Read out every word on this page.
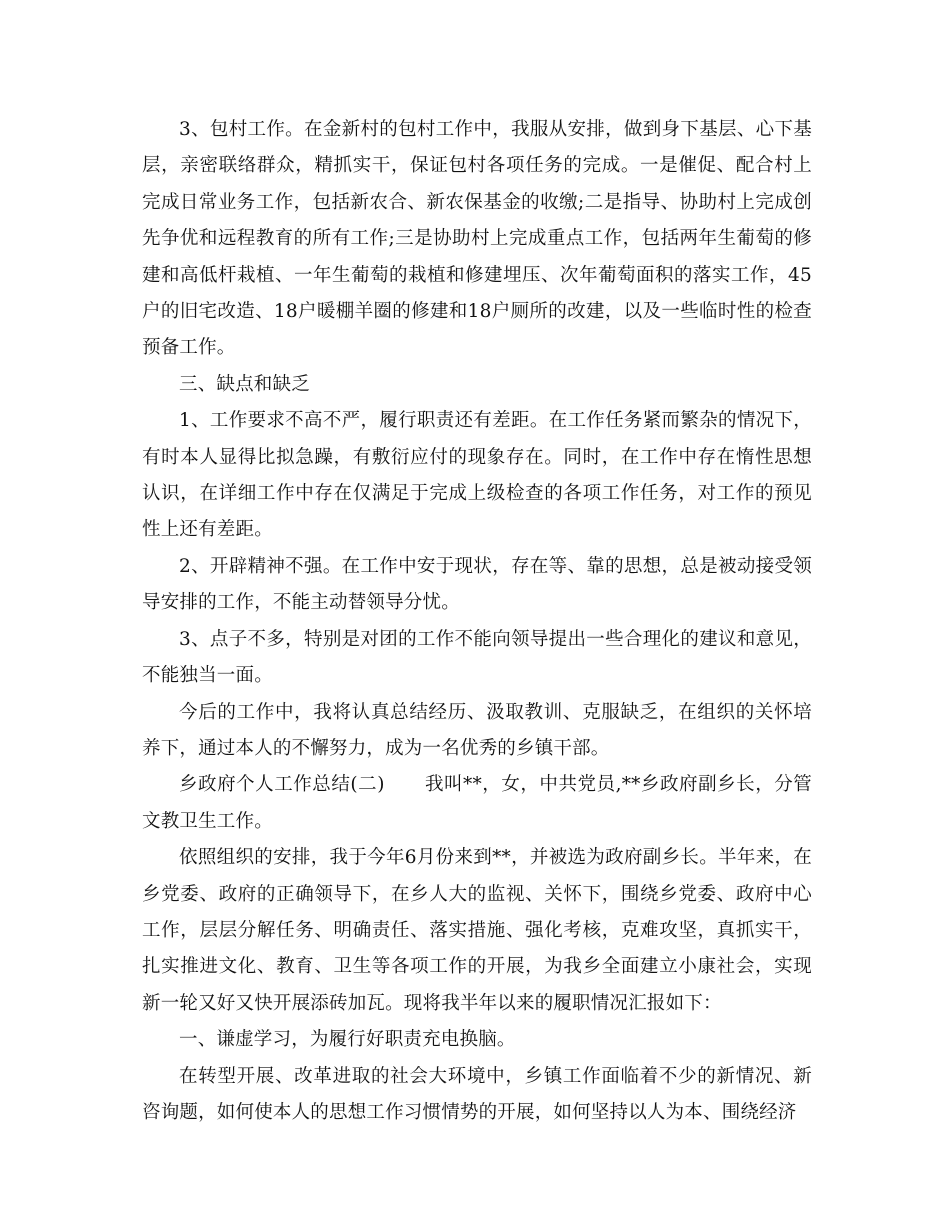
3、包村工作。在金新村的包村工作中，我服从安排，做到身下基层、心下基层，亲密联络群众，精抓实干，保证包村各项任务的完成。一是催促、配合村上完成日常业务工作，包括新农合、新农保基金的收缴;二是指导、协助村上完成创先争优和远程教育的所有工作;三是协助村上完成重点工作，包括两年生葡萄的修建和高低杆栽植、一年生葡萄的栽植和修建埋压、次年葡萄面积的落实工作，45户的旧宅改造、18户暖棚羊圈的修建和18户厕所的改建，以及一些临时性的检查预备工作。

三、缺点和缺乏

1、工作要求不高不严，履行职责还有差距。在工作任务紧而繁杂的情况下，有时本人显得比拟急躁，有敷衍应付的现象存在。同时，在工作中存在惰性思想认识，在详细工作中存在仅满足于完成上级检查的各项工作任务，对工作的预见性上还有差距。

2、开辟精神不强。在工作中安于现状，存在等、靠的思想，总是被动接受领导安排的工作，不能主动替领导分忧。

3、点子不多，特别是对团的工作不能向领导提出一些合理化的建议和意见，不能独当一面。

今后的工作中，我将认真总结经历、汲取教训、克服缺乏，在组织的关怀培养下，通过本人的不懈努力，成为一名优秀的乡镇干部。

乡政府个人工作总结(二) 我叫**，女，中共党员,**乡政府副乡长，分管文教卫生工作。

依照组织的安排，我于今年6月份来到**，并被选为政府副乡长。半年来，在乡党委、政府的正确领导下，在乡人大的监视、关怀下，围绕乡党委、政府中心工作，层层分解任务、明确责任、落实措施、强化考核，克难攻坚，真抓实干，扎实推进文化、教育、卫生等各项工作的开展，为我乡全面建立小康社会，实现新一轮又好又快开展添砖加瓦。现将我半年以来的履职情况汇报如下：

一、谦虚学习，为履行好职责充电换脑。

在转型开展、改革进取的社会大环境中，乡镇工作面临着不少的新情况、新咨询题，如何使本人的思想工作习惯情势的开展，如何坚持以人为本、围绕经济
